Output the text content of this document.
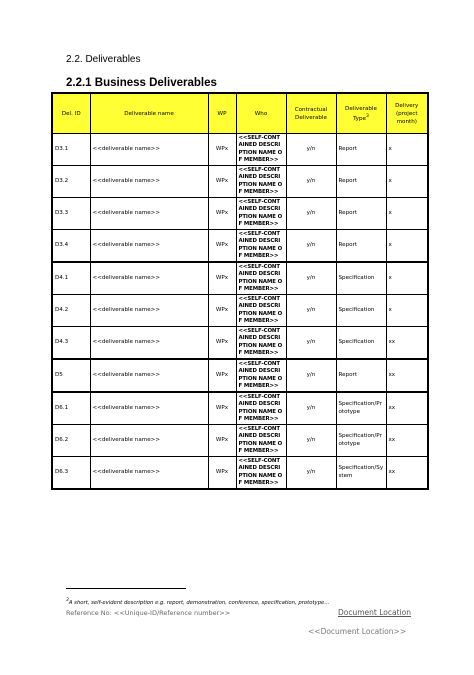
2.2. Deliverables
2.2.1 Business Deliverables
Del. ID	Deliverable name	WP	Who	Contractual Deliverable	Deliverable Type$^3$	Delivery (project month)
D3.1	<<deliverable name>>	WPx	<<SELF-CONTAINED DESCRIPTION NAME OF MEMBER>>	y/n	Report	x
D3.2	<<deliverable name>>	WPx	<<SELF-CONTAINED DESCRIPTION NAME OF MEMBER>>	y/n	Report	x
D3.3	<<deliverable name>>	WPx	<<SELF-CONTAINED DESCRIPTION NAME OF MEMBER>>	y/n	Report	x
D3.4	<<deliverable name>>	WPx	<<SELF-CONTAINED DESCRIPTION NAME OF MEMBER>>	y/n	Report	x
D4.1	<<deliverable name>>	WPx	<<SELF-CONTAINED DESCRIPTION NAME OF MEMBER>>	y/n	Specification	x
D4.2	<<deliverable name>>	WPx	<<SELF-CONTAINED DESCRIPTION NAME OF MEMBER>>	y/n	Specification	x
D4.3	<<deliverable name>>	WPx	<<SELF-CONTAINED DESCRIPTION NAME OF MEMBER>>	y/n	Specification	xx
D5	<<deliverable name>>	WPx	<<SELF-CONTAINED DESCRIPTION NAME OF MEMBER>>	y/n	Report	xx
D6.1	<<deliverable name>>	WPx	<<SELF-CONTAINED DESCRIPTION NAME OF MEMBER>>	y/n	Specification/Prototype	xx
D6.2	<<deliverable name>>	WPx	<<SELF-CONTAINED DESCRIPTION NAME OF MEMBER>>	y/n	Specification/Prototype	xx
D6.3	<<deliverable name>>	WPx	<<SELF-CONTAINED DESCRIPTION NAME OF MEMBER>>	y/n	Specification/System	xx
$^3$A short, self-evident description e.g. report, demonstration, conference, specification, prototype…
Reference No: <<Unique-ID/Reference number>>	Document Location
<<Document Location>>
